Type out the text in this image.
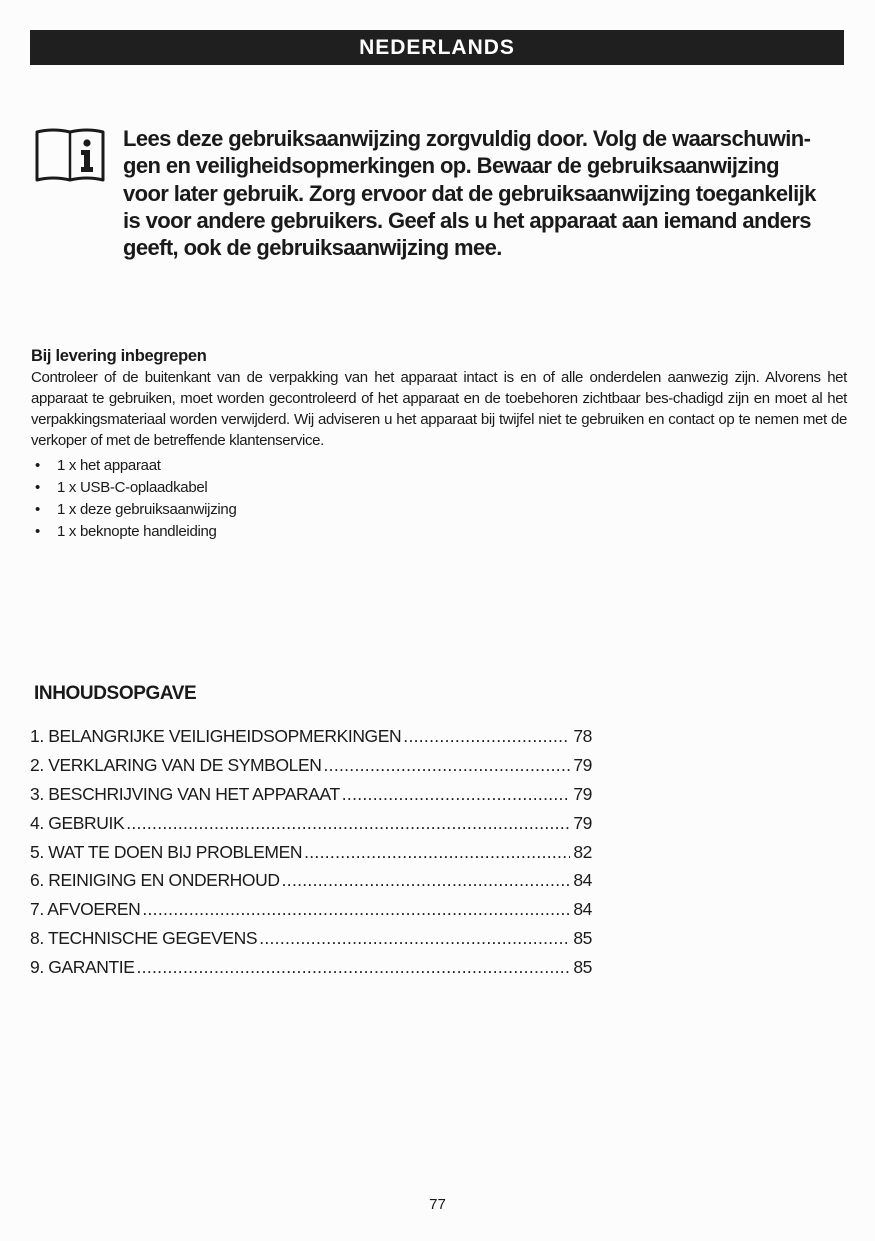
NEDERLANDS
Lees deze gebruiksaanwijzing zorgvuldig door. Volg de waarschuwin-
gen en veiligheidsopmerkingen op. Bewaar de gebruiksaanwijzing
voor later gebruik. Zorg ervoor dat de gebruiksaanwijzing toegankelijk
is voor andere gebruikers. Geef als u het apparaat aan iemand anders
geeft, ook de gebruiksaanwijzing mee.
Bij levering inbegrepen

Controleer of de buitenkant van de verpakking van het apparaat intact is en of alle onderdelen aanwezig zijn. Alvorens het apparaat te gebruiken, moet worden gecontroleerd of het apparaat en de toebehoren zichtbaar bes-chadigd zijn en moet al het verpakkingsmateriaal worden verwijderd. Wij adviseren u het apparaat bij twijfel niet te gebruiken en contact op te nemen met de verkoper of met de betreffende klantenservice.

• 1 x het apparaat
• 1 x USB-C-oplaadkabel
• 1 x deze gebruiksaanwijzing
• 1 x beknopte handleiding
INHOUDSOPGAVE
1. BELANGRIJKE VEILIGHEIDSOPMERKINGEN .....	78
2. VERKLARING VAN DE SYMBOLEN .....	79
3. BESCHRIJVING VAN HET APPARAAT .....	79
4. GEBRUIK .....	79
5. WAT TE DOEN BIJ PROBLEMEN .....	82
6. REINIGING EN ONDERHOUD .....	84
7. AFVOEREN .....	84
8. TECHNISCHE GEGEVENS .....	85
9. GARANTIE .....	85
77
